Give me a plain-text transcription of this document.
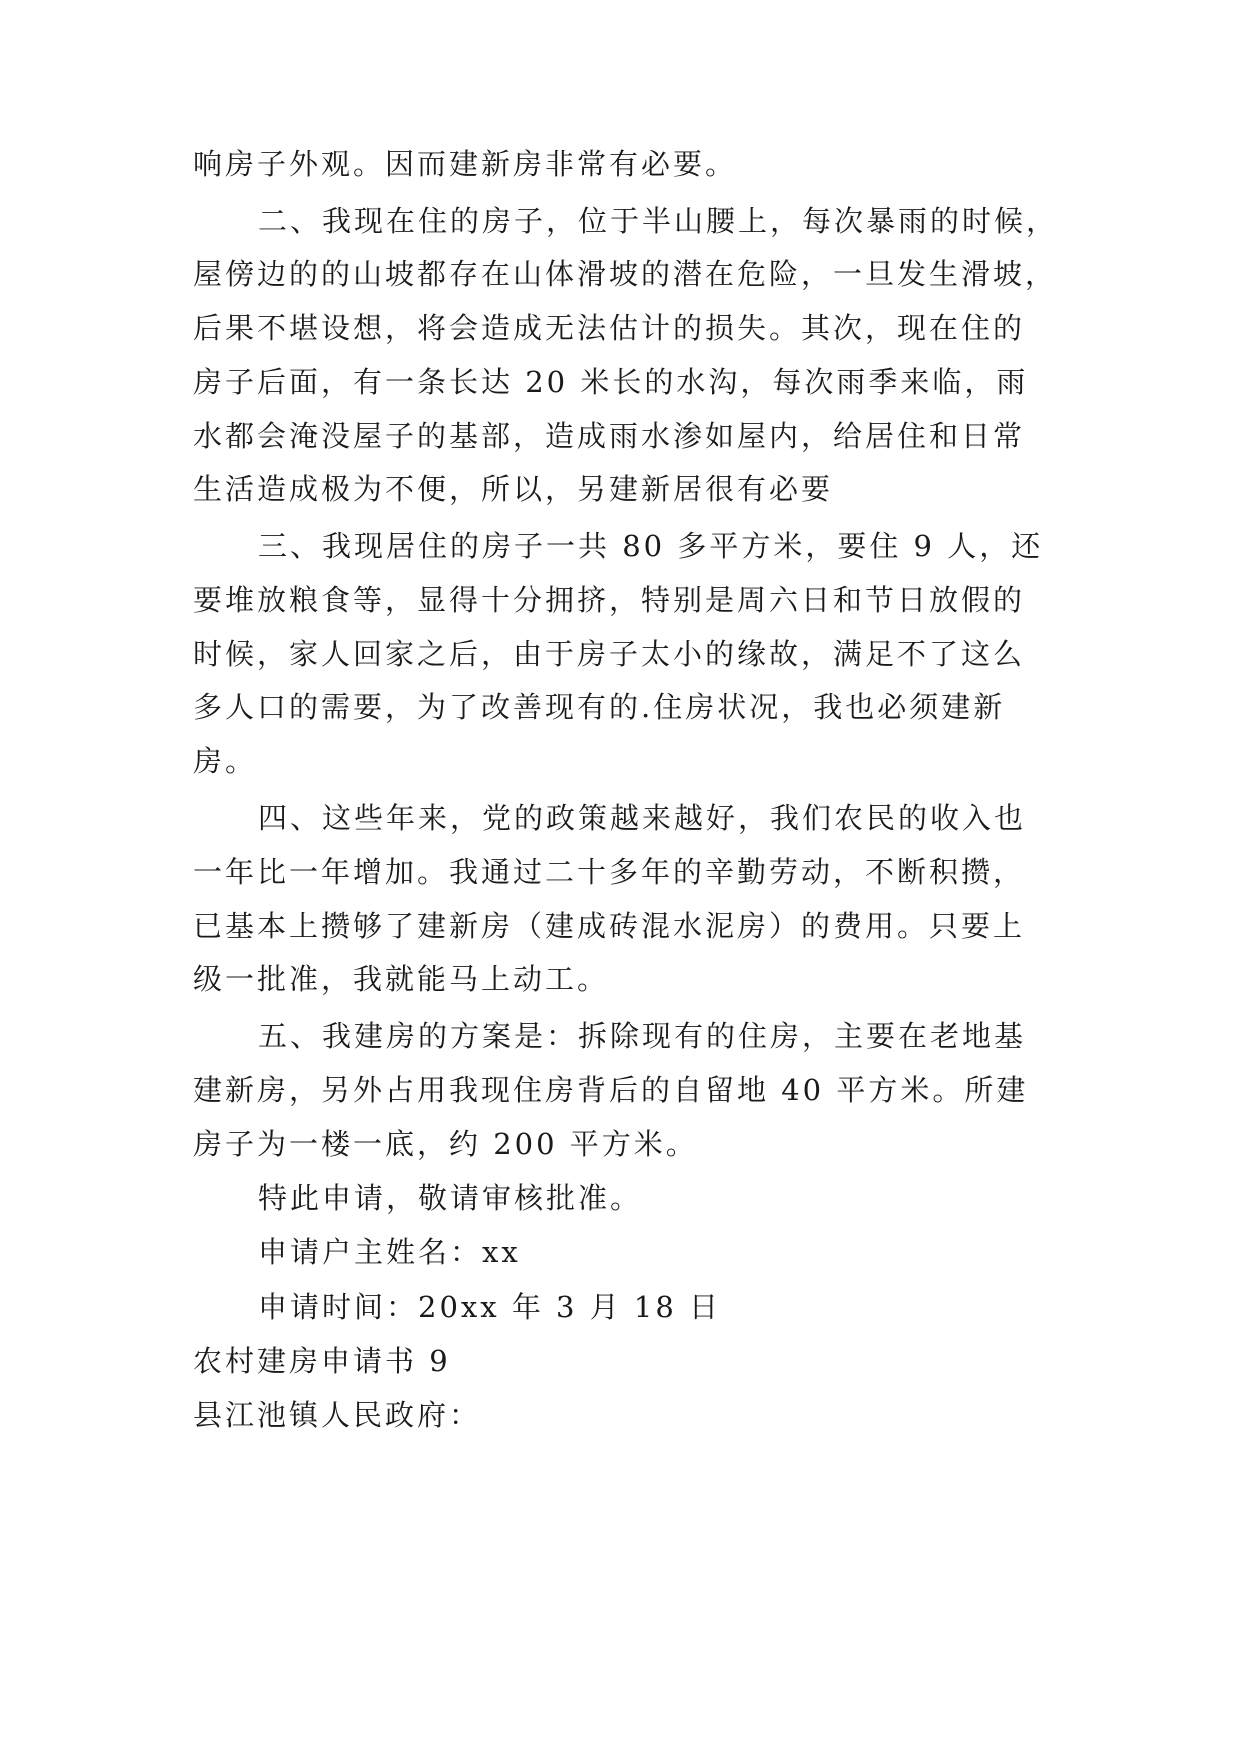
响房子外观。因而建新房非常有必要。
二、我现在住的房子，位于半山腰上，每次暴雨的时候，
屋傍边的的山坡都存在山体滑坡的潜在危险，一旦发生滑坡，
后果不堪设想，将会造成无法估计的损失。其次，现在住的
房子后面，有一条长达 20 米长的水沟，每次雨季来临，雨
水都会淹没屋子的基部，造成雨水渗如屋内，给居住和日常
生活造成极为不便，所以，另建新居很有必要
三、我现居住的房子一共 80 多平方米，要住 9 人，还
要堆放粮食等，显得十分拥挤，特别是周六日和节日放假的
时候，家人回家之后，由于房子太小的缘故，满足不了这么
多人口的需要，为了改善现有的.住房状况，我也必须建新
房。
四、这些年来，党的政策越来越好，我们农民的收入也
一年比一年增加。我通过二十多年的辛勤劳动，不断积攒，
已基本上攒够了建新房（建成砖混水泥房）的费用。只要上
级一批准，我就能马上动工。
五、我建房的方案是：拆除现有的住房，主要在老地基
建新房，另外占用我现住房背后的自留地 40 平方米。所建
房子为一楼一底，约 200 平方米。
特此申请，敬请审核批准。
申请户主姓名：xx
申请时间：20xx 年 3 月 18 日
农村建房申请书 9
县江池镇人民政府：
